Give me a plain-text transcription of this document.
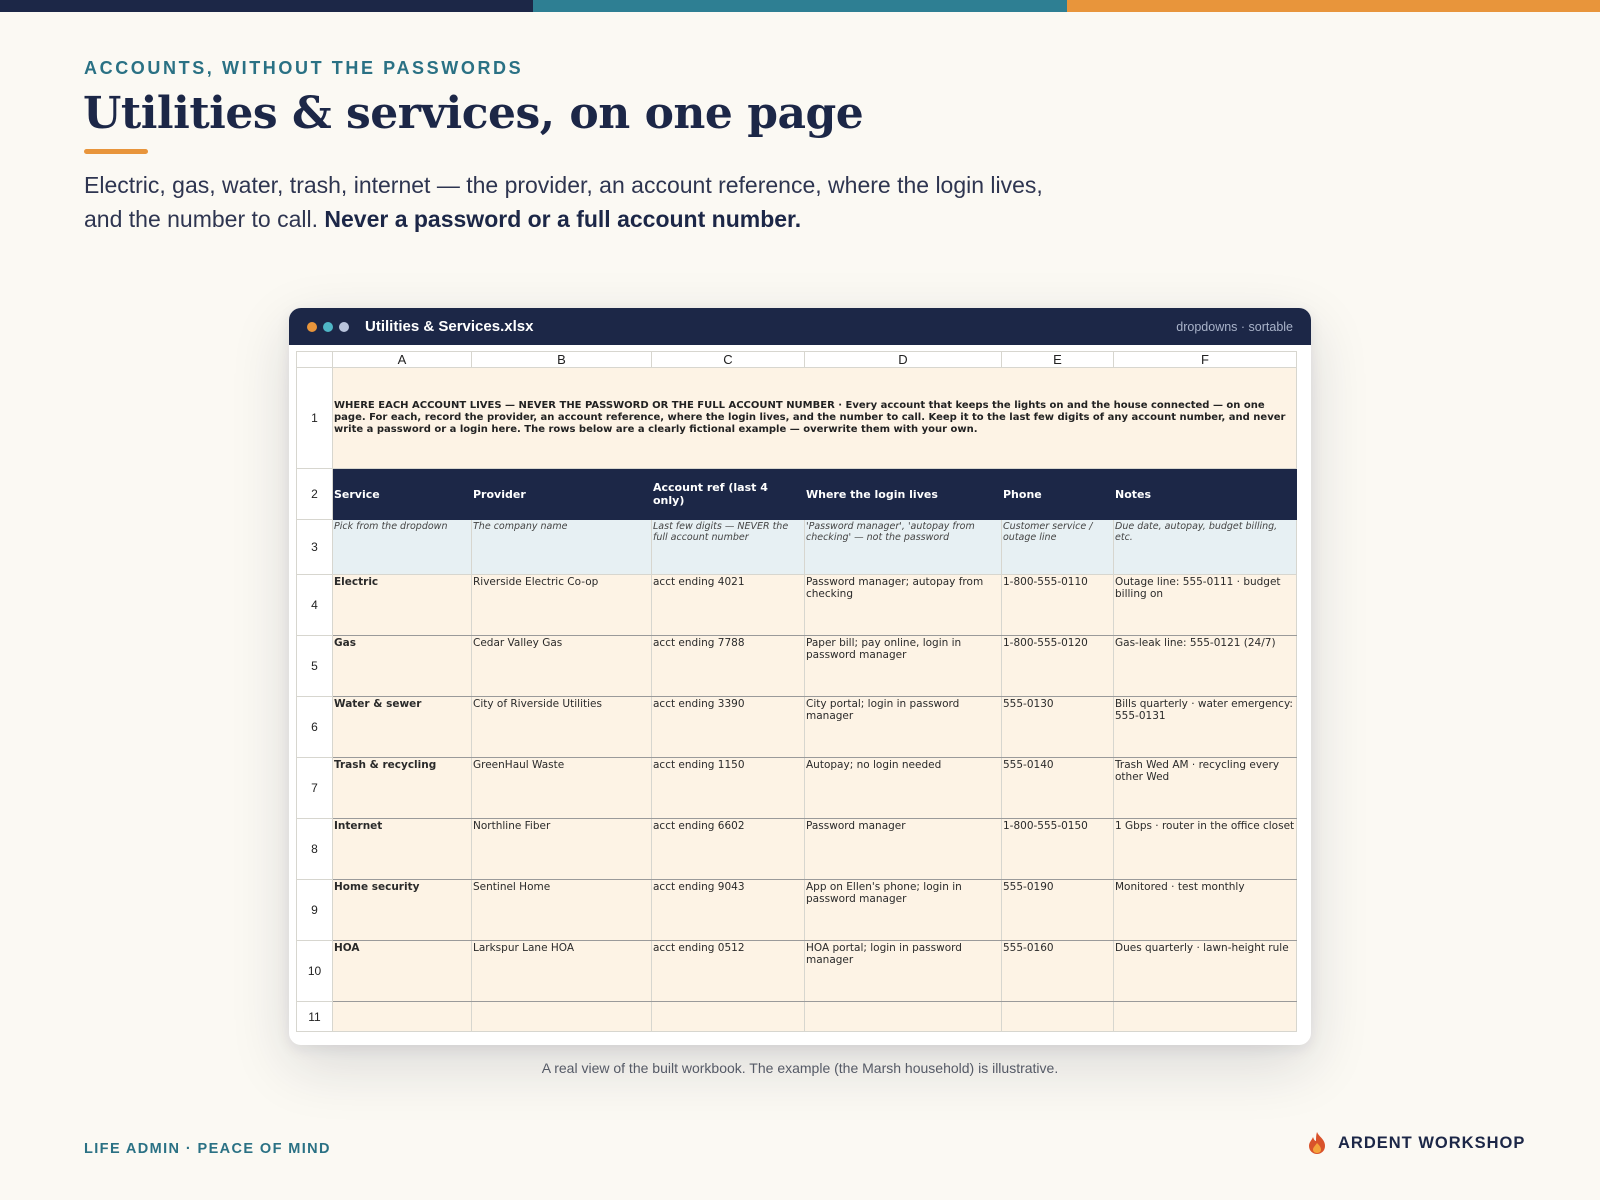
ACCOUNTS, WITHOUT THE PASSWORDS
Utilities & services, on one page

Electric, gas, water, trash, internet — the provider, an account reference, where the login lives, and the number to call. Never a password or a full account number.

Utilities & Services.xlsx	dropdowns · sortable
	A	B	C	D	E	F
1	WHERE EACH ACCOUNT LIVES — NEVER THE PASSWORD OR THE FULL ACCOUNT NUMBER · Every account that keeps the lights on and the house connected — on one page. For each, record the provider, an account reference, where the login lives, and the number to call. Keep it to the last few digits of any account number, and never write a password or a login here. The rows below are a clearly fictional example — overwrite them with your own.					
2	Service	Provider	Account ref (last 4 only)	Where the login lives	Phone	Notes
3	Pick from the dropdown	The company name	Last few digits — NEVER the full account number	'Password manager', 'autopay from checking' — not the password	Customer service / outage line	Due date, autopay, budget billing, etc.
4	Electric	Riverside Electric Co-op	acct ending 4021	Password manager; autopay from checking	1-800-555-0110	Outage line: 555-0111 · budget billing on
5	Gas	Cedar Valley Gas	acct ending 7788	Paper bill; pay online, login in password manager	1-800-555-0120	Gas-leak line: 555-0121 (24/7)
6	Water & sewer	City of Riverside Utilities	acct ending 3390	City portal; login in password manager	555-0130	Bills quarterly · water emergency: 555-0131
7	Trash & recycling	GreenHaul Waste	acct ending 1150	Autopay; no login needed	555-0140	Trash Wed AM · recycling every other Wed
8	Internet	Northline Fiber	acct ending 6602	Password manager	1-800-555-0150	1 Gbps · router in the office closet
9	Home security	Sentinel Home	acct ending 9043	App on Ellen's phone; login in password manager	555-0190	Monitored · test monthly
10	HOA	Larkspur Lane HOA	acct ending 0512	HOA portal; login in password manager	555-0160	Dues quarterly · lawn-height rule
11						
A real view of the built workbook. The example (the Marsh household) is illustrative.
LIFE ADMIN · PEACE OF MIND	ARDENT WORKSHOP
